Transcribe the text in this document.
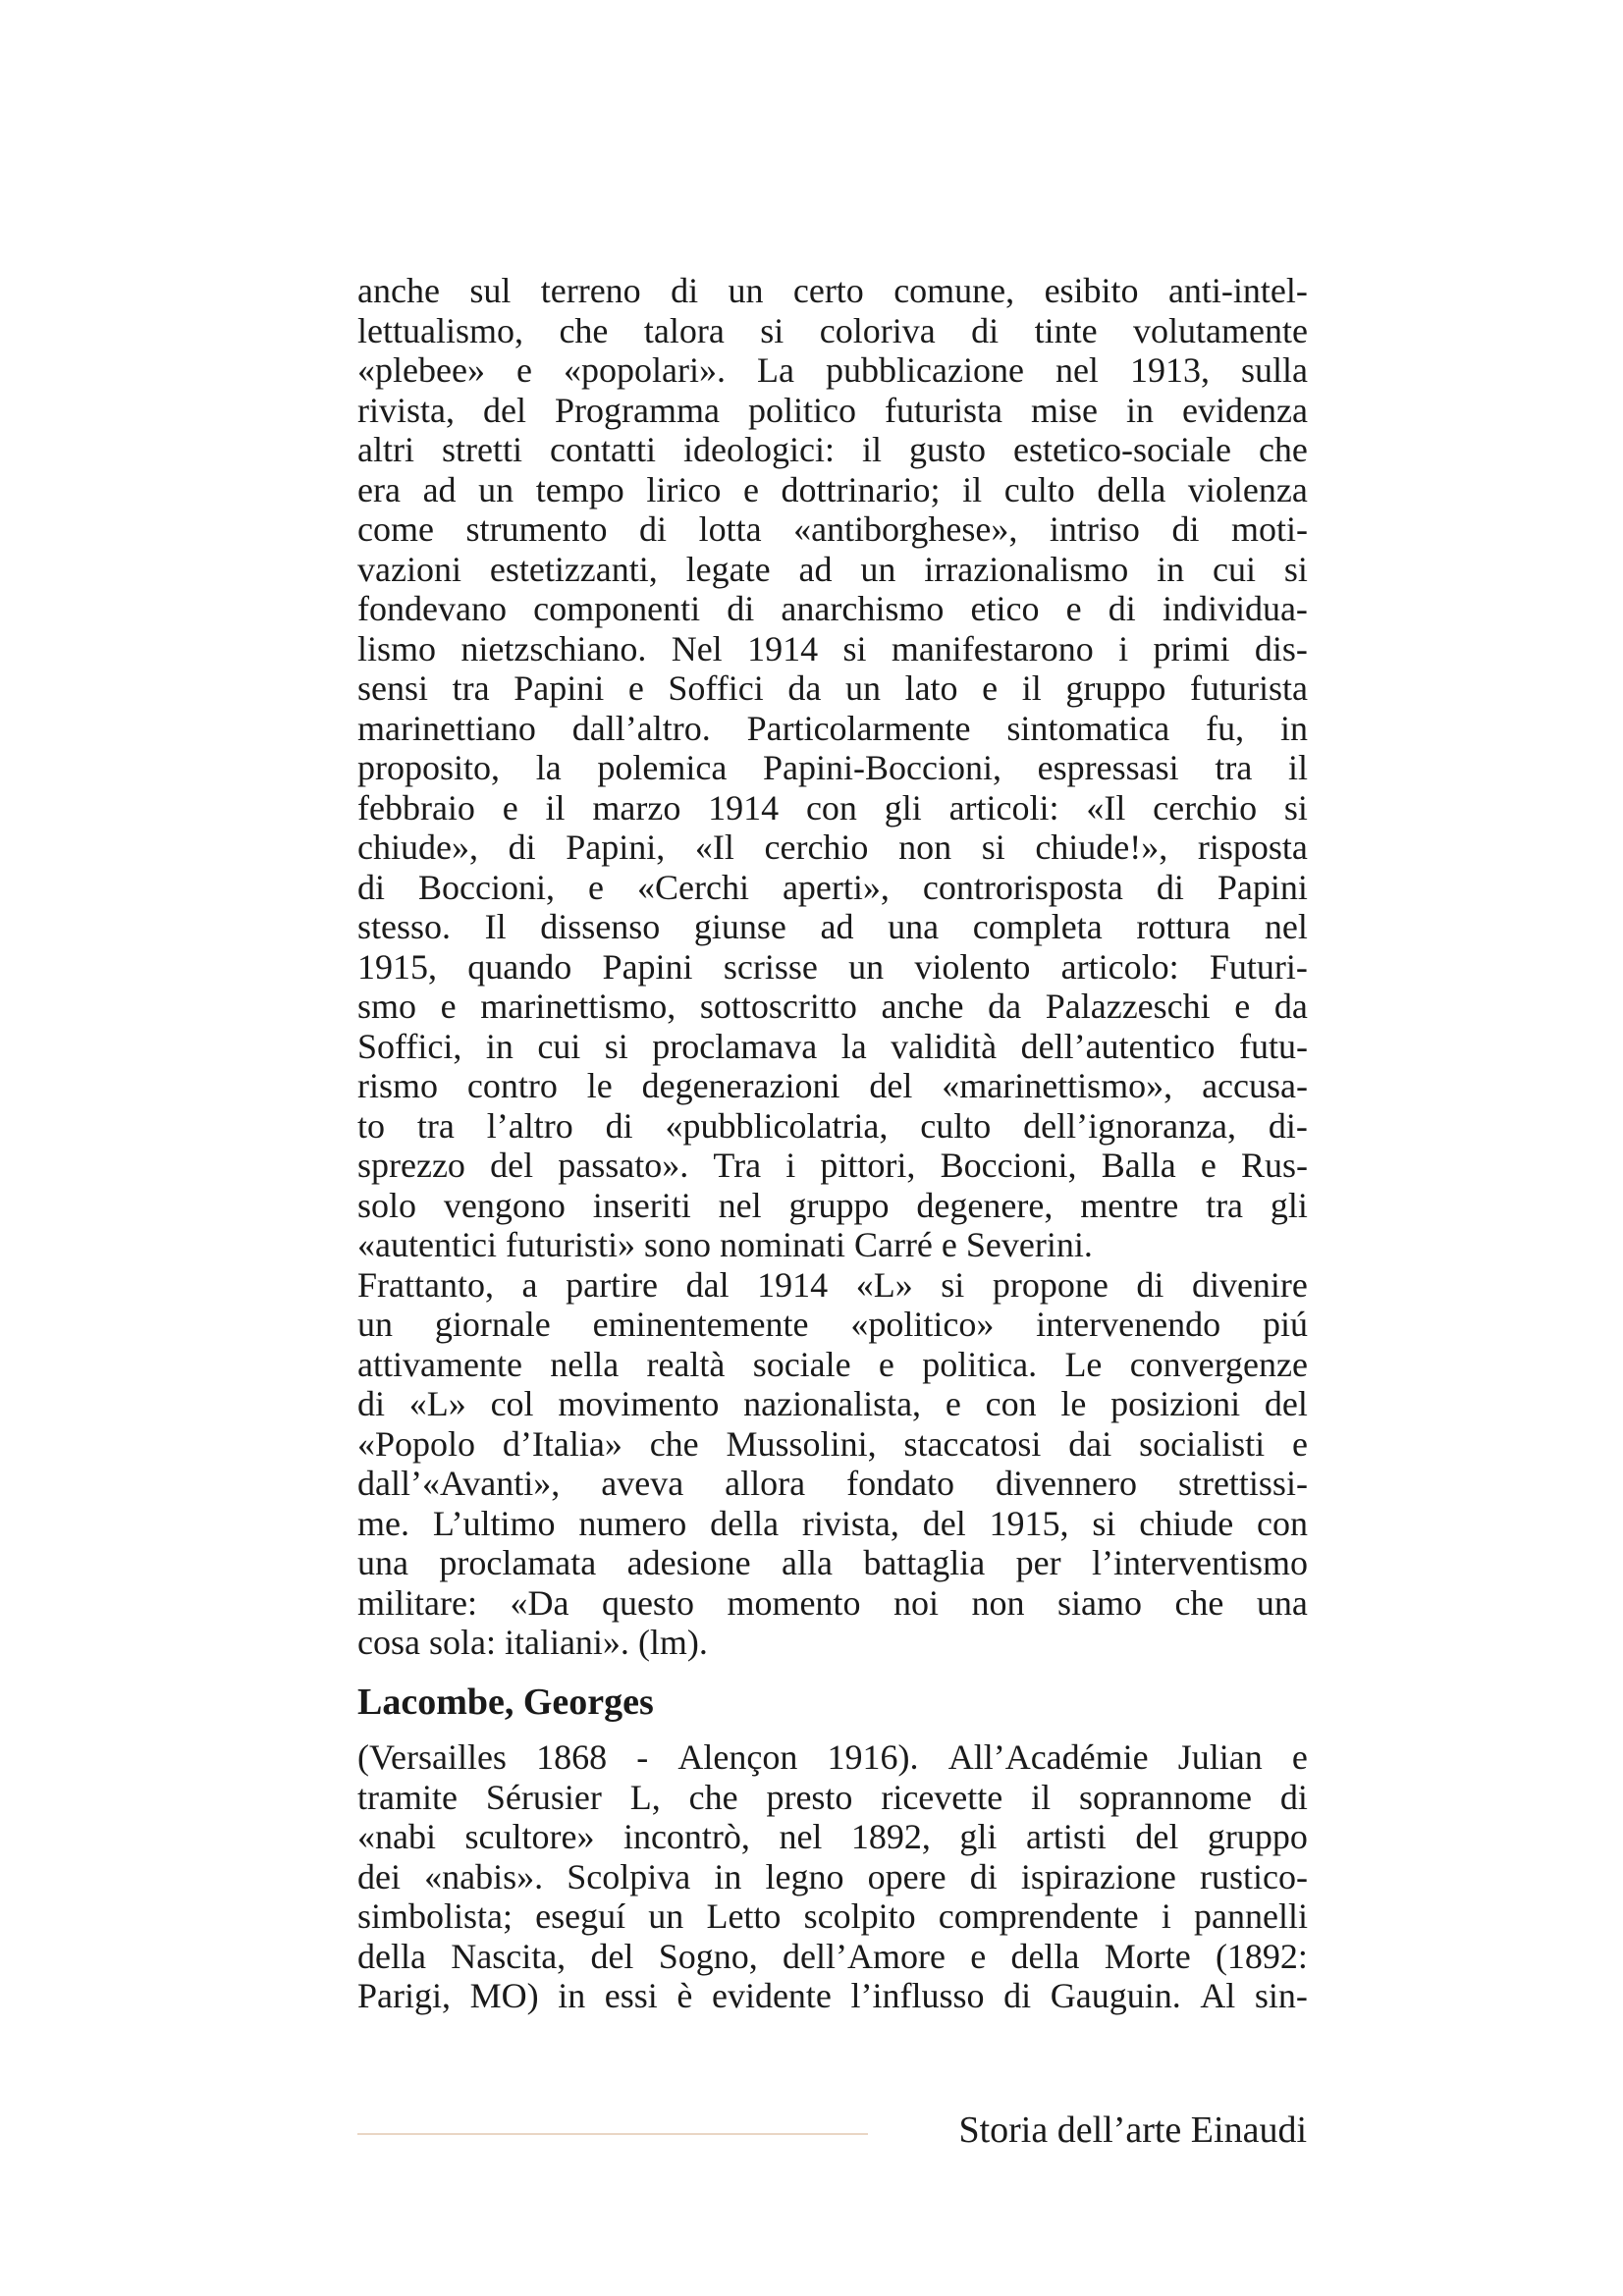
anche sul terreno di un certo comune, esibito anti-intel-
lettualismo, che talora si coloriva di tinte volutamente
«plebee» e «popolari». La pubblicazione nel 1913, sulla
rivista, del Programma politico futurista mise in evidenza
altri stretti contatti ideologici: il gusto estetico-sociale che
era ad un tempo lirico e dottrinario; il culto della violenza
come strumento di lotta «antiborghese», intriso di moti-
vazioni estetizzanti, legate ad un irrazionalismo in cui si
fondevano componenti di anarchismo etico e di individua-
lismo nietzschiano. Nel 1914 si manifestarono i primi dis-
sensi tra Papini e Soffici da un lato e il gruppo futurista
marinettiano dall’altro. Particolarmente sintomatica fu, in
proposito, la polemica Papini-Boccioni, espressasi tra il
febbraio e il marzo 1914 con gli articoli: «Il cerchio si
chiude», di Papini, «Il cerchio non si chiude!», risposta
di Boccioni, e «Cerchi aperti», controrisposta di Papini
stesso. Il dissenso giunse ad una completa rottura nel
1915, quando Papini scrisse un violento articolo: Futuri-
smo e marinettismo, sottoscritto anche da Palazzeschi e da
Soffici, in cui si proclamava la validità dell’autentico futu-
rismo contro le degenerazioni del «marinettismo», accusa-
to tra l’altro di «pubblicolatria, culto dell’ignoranza, di-
sprezzo del passato». Tra i pittori, Boccioni, Balla e Rus-
solo vengono inseriti nel gruppo degenere, mentre tra gli
«autentici futuristi» sono nominati Carré e Severini.
Frattanto, a partire dal 1914 «L» si propone di divenire
un giornale eminentemente «politico» intervenendo piú
attivamente nella realtà sociale e politica. Le convergenze
di «L» col movimento nazionalista, e con le posizioni del
«Popolo d’Italia» che Mussolini, staccatosi dai socialisti e
dall’«Avanti», aveva allora fondato divennero strettissi-
me. L’ultimo numero della rivista, del 1915, si chiude con
una proclamata adesione alla battaglia per l’interventismo
militare: «Da questo momento noi non siamo che una
cosa sola: italiani». (lm).
Lacombe, Georges
(Versailles 1868 - Alençon 1916). All’Académie Julian e
tramite Sérusier L, che presto ricevette il soprannome di
«nabi scultore» incontrò, nel 1892, gli artisti del gruppo
dei «nabis». Scolpiva in legno opere di ispirazione rustico-
simbolista; eseguí un Letto scolpito comprendente i pannelli
della Nascita, del Sogno, dell’Amore e della Morte (1892:
Parigi, MO) in essi è evidente l’influsso di Gauguin. Al sin-
Storia dell’arte Einaudi
